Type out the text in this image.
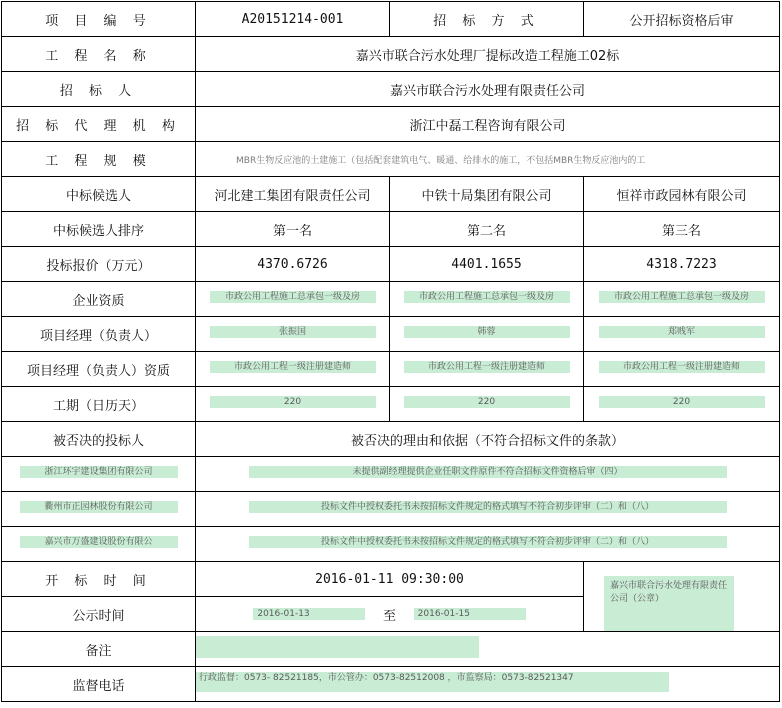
项 目 编 号	A20151214-001	招 标 方 式	公开招标资格后审
工 程 名 称	嘉兴市联合污水处理厂提标改造工程施工02标		
招 标 人	嘉兴市联合污水处理有限责任公司		
招 标 代 理 机 构	浙江中磊工程咨询有限公司		
工 程 规 模	MBR生物反应池的土建施工（包括配套建筑电气、暖通、给排水的施工，不包括MBR生物反应池内的工		
中标候选人	河北建工集团有限责任公司	中铁十局集团有限公司	恒祥市政园林有限公司
中标候选人排序	第一名	第二名	第三名
投标报价（万元）	4370.6726	4401.1655	4318.7223
企业资质	市政公用工程施工总承包一级及房	市政公用工程施工总承包一级及房	市政公用工程施工总承包一级及房
项目经理（负责人）	张振国	韩蓉	郑贱军
项目经理（负责人）资质	市政公用工程一级注册建造师	市政公用工程一级注册建造师	市政公用工程一级注册建造师
工期（日历天）	220	220	220
被否决的投标人	被否决的理由和依据（不符合招标文件的条款）		
浙江环宇建设集团有限公司	未提供副经理提供企业任职文件原件不符合招标文件资格后审（四）		
衢州市正园林股份有限公司	投标文件中授权委托书未按招标文件规定的格式填写不符合初步评审（二）和（八）		
嘉兴市万盛建设股份有限公	投标文件中授权委托书未按招标文件规定的格式填写不符合初步评审（二）和（八）		
开 标 时 间	2016-01-11 09:30:00		嘉兴市联合污水处理有限责任公司（公章）

公示时间	2016-01-13 至 2016-01-15		
备注			
监督电话	行政监督：0573- 82521185，市公管办：0573-82512008 ，市监察局：0573-82521347		
